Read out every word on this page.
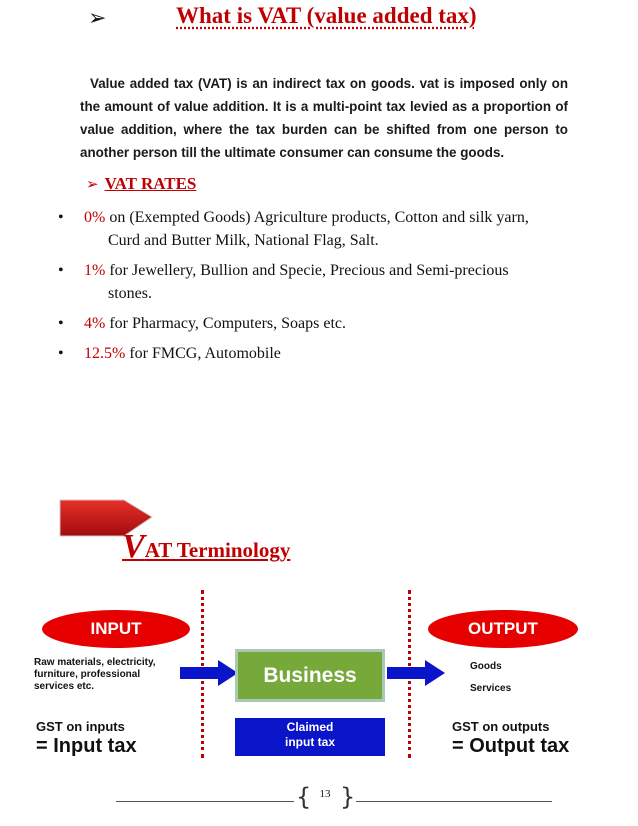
➢	What is VAT (value added tax)

Value added tax (VAT) is an indirect tax on goods. vat is imposed only on the amount of value addition. It is a multi-point tax levied as a proportion of value addition, where the tax burden can be shifted from one person to another person till the ultimate consumer can consume the goods.

➢ VAT RATES
• 0% on (Exempted Goods) Agriculture products, Cotton and silk yarn,
Curd and Butter Milk, National Flag, Salt.
• 1% for Jewellery, Bullion and Specie, Precious and Semi-precious
stones.
• 4% for Pharmacy, Computers, Soaps etc.
• 12.5% for FMCG, Automobile
VAT Terminology
INPUT	OUTPUT
Raw materials, electricity,
furniture, professional
services etc.	Business	Goods
Services
GST on inputs
= Input tax
Claimed
input tax
GST on outputs
= Output tax
{ }
13
